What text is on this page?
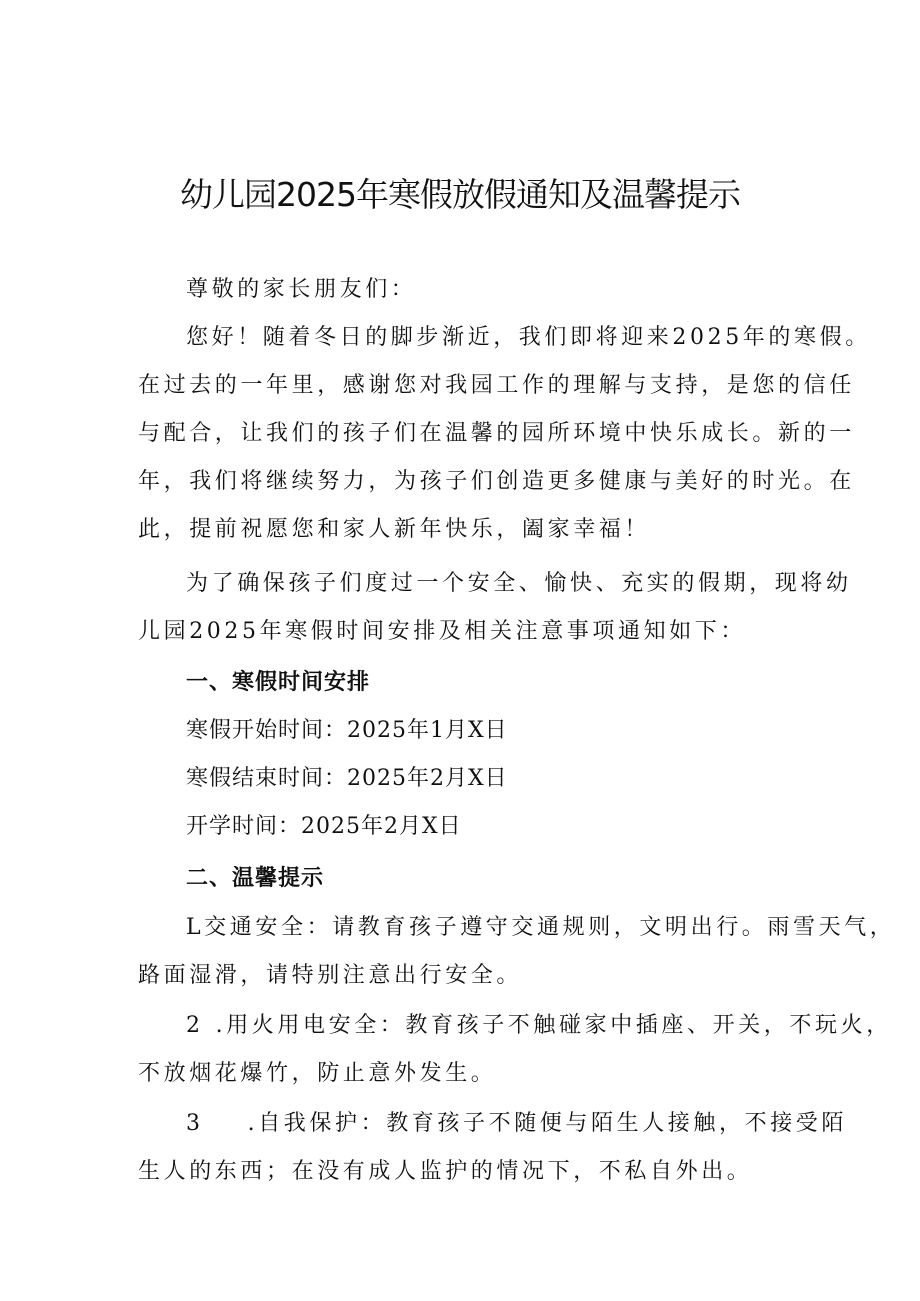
幼儿园2025年寒假放假通知及温馨提示
尊敬的家长朋友们：
您好！随着冬日的脚步渐近，我们即将迎来2025年的寒假。
在过去的一年里，感谢您对我园工作的理解与支持，是您的信任
与配合，让我们的孩子们在温馨的园所环境中快乐成长。新的一
年，我们将继续努力，为孩子们创造更多健康与美好的时光。在
此，提前祝愿您和家人新年快乐，阖家幸福！
为了确保孩子们度过一个安全、愉快、充实的假期，现将幼
儿园2025年寒假时间安排及相关注意事项通知如下：
一、寒假时间安排
寒假开始时间：2025年1月X日
寒假结束时间：2025年2月X日
开学时间：2025年2月X日
二、温馨提示
L交通安全：请教育孩子遵守交通规则，文明出行。雨雪天气，
路面湿滑，请特别注意出行安全。
2 .用火用电安全：教育孩子不触碰家中插座、开关，不玩火，
不放烟花爆竹，防止意外发生。
3 .自我保护：教育孩子不随便与陌生人接触，不接受陌
生人的东西；在没有成人监护的情况下，不私自外出。
